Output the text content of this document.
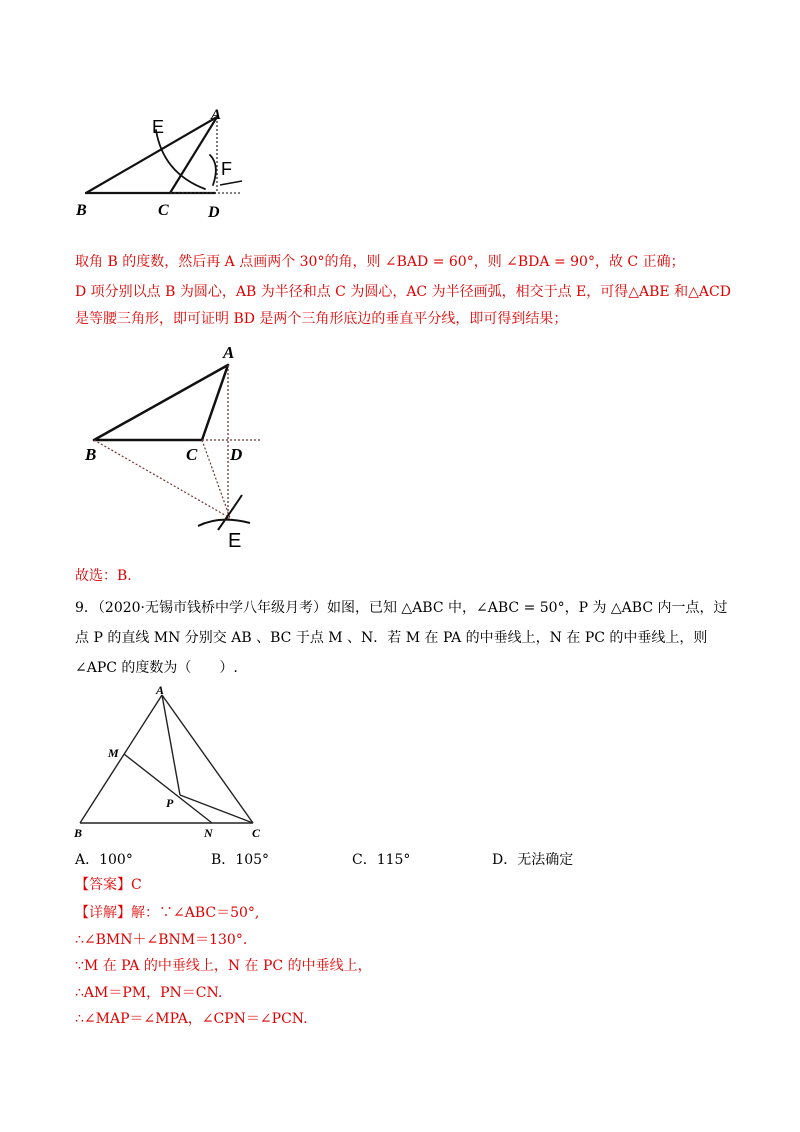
E
A
F
B	C D
取角 B 的度数，然后再 A 点画两个 30°的角，则 ∠BAD = 60°，则 ∠BDA = 90°，故 C 正确；
D 项分别以点 B 为圆心，AB 为半径和点 C 为圆心，AC 为半径画弧，相交于点 E，可得△ABE 和△ACD
是等腰三角形，即可证明 BD 是两个三角形底边的垂直平分线，即可得到结果；
A
B	C D
E
故选：B.
9．（2020·无锡市钱桥中学八年级月考）如图，已知 △ABC 中，∠ABC = 50°，P 为 △ABC 内一点，过
点 P 的直线 MN 分别交 AB 、BC 于点 M 、N．若 M 在 PA 的中垂线上，N 在 PC 的中垂线上，则
∠APC 的度数为（　　）.
A
M
P
B	N	C
A．100°	B．105°	C．115°	D．无法确定
【答案】C
【详解】解：∵∠ABC＝50°,
∴∠BMN＋∠BNM＝130°.
∵M 在 PA 的中垂线上，N 在 PC 的中垂线上，
∴AM＝PM，PN＝CN.
∴∠MAP＝∠MPA，∠CPN＝∠PCN.
